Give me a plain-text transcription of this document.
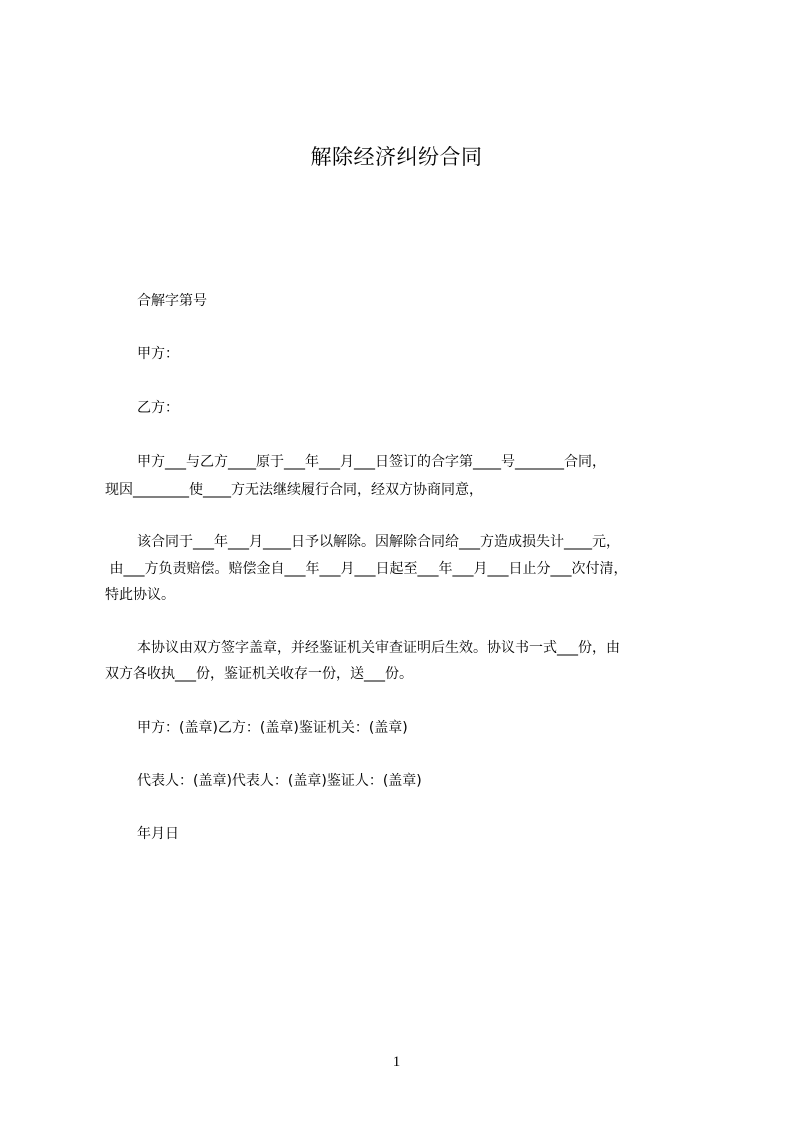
解除经济纠纷合同
合解字第号
甲方：
乙方：
甲方___与乙方____原于___年___月___日签订的合字第____号_______合同，
现因________使____方无法继续履行合同，经双方协商同意，
该合同于___年___月____日予以解除。因解除合同给___方造成损失计____元，
由___方负责赔偿。赔偿金自___年___月___日起至___年___月___日止分___次付清，
特此协议。
本协议由双方签字盖章，并经鉴证机关审查证明后生效。协议书一式___份，由
双方各收执___份，鉴证机关收存一份，送___份。
甲方：(盖章)乙方：(盖章)鉴证机关：(盖章)
代表人：(盖章)代表人：(盖章)鉴证人：(盖章)
年月日
1
